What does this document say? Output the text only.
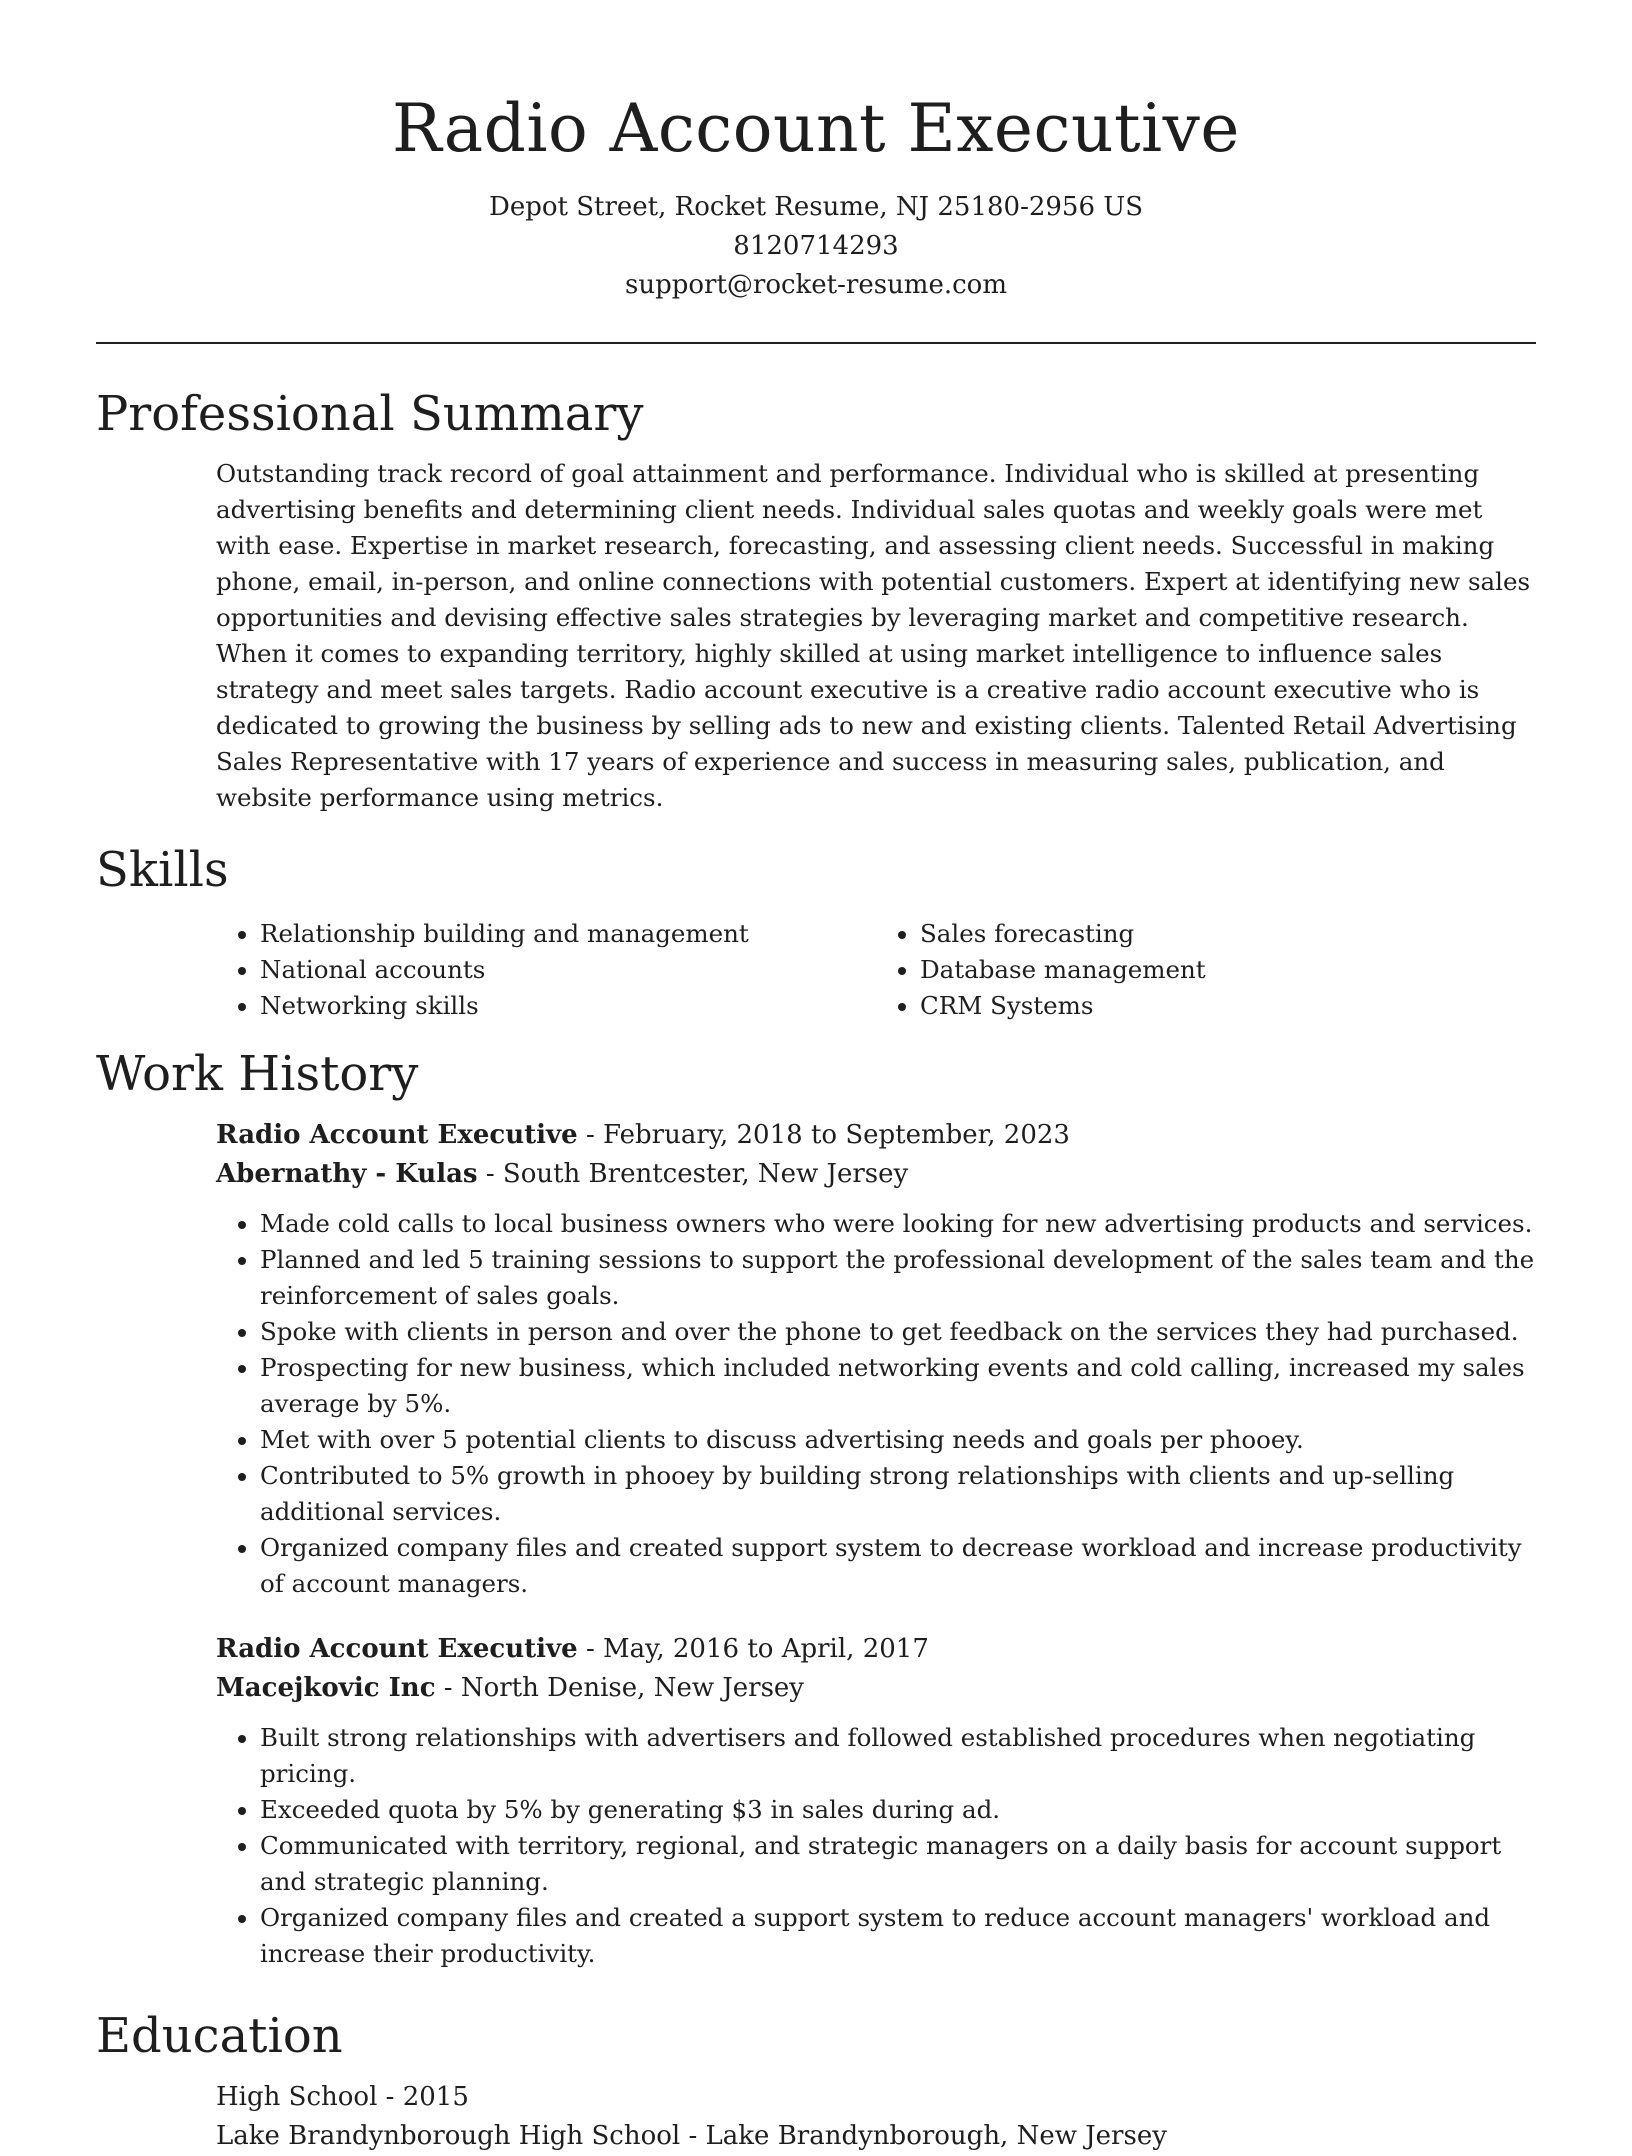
Radio Account Executive
Depot Street, Rocket Resume, NJ 25180-2956 US
8120714293
support@rocket-resume.com
Professional Summary
Outstanding track record of goal attainment and performance. Individual who is skilled at presenting advertising benefits and determining client needs. Individual sales quotas and weekly goals were met with ease. Expertise in market research, forecasting, and assessing client needs. Successful in making phone, email, in-person, and online connections with potential customers. Expert at identifying new sales opportunities and devising effective sales strategies by leveraging market and competitive research. When it comes to expanding territory, highly skilled at using market intelligence to influence sales strategy and meet sales targets. Radio account executive is a creative radio account executive who is dedicated to growing the business by selling ads to new and existing clients. Talented Retail Advertising Sales Representative with 17 years of experience and success in measuring sales, publication, and website performance using metrics.
Skills
• Relationship building and management
• National accounts
• Networking skills
• Sales forecasting
• Database management
• CRM Systems
Work History
Radio Account Executive - February, 2018 to September, 2023
Abernathy - Kulas - South Brentcester, New Jersey
• Made cold calls to local business owners who were looking for new advertising products and services.
• Planned and led 5 training sessions to support the professional development of the sales team and the reinforcement of sales goals.
• Spoke with clients in person and over the phone to get feedback on the services they had purchased.
• Prospecting for new business, which included networking events and cold calling, increased my sales average by 5%.
• Met with over 5 potential clients to discuss advertising needs and goals per phooey.
• Contributed to 5% growth in phooey by building strong relationships with clients and up-selling additional services.
• Organized company files and created support system to decrease workload and increase productivity of account managers.
Radio Account Executive - May, 2016 to April, 2017
Macejkovic Inc - North Denise, New Jersey
• Built strong relationships with advertisers and followed established procedures when negotiating pricing.
• Exceeded quota by 5% by generating $3 in sales during ad.
• Communicated with territory, regional, and strategic managers on a daily basis for account support and strategic planning.
• Organized company files and created a support system to reduce account managers' workload and increase their productivity.
Education
High School - 2015
Lake Brandynborough High School - Lake Brandynborough, New Jersey
